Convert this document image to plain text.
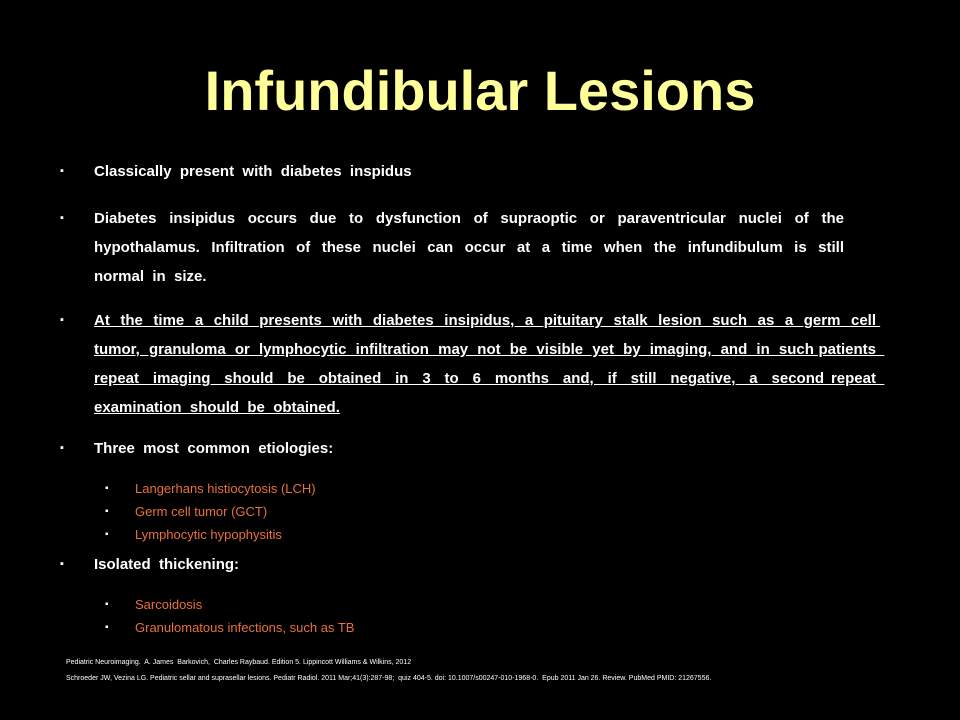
Infundibular Lesions
▪ Classically  present  with  diabetes  inspidus
▪ Diabetes  insipidus  occurs  due  to  dysfunction  of  supraoptic  or  paraventricular  nuclei  of  the hypothalamus.  Infiltration  of  these  nuclei  can  occur  at  a  time  when  the  infundibulum  is  still normal  in  size.
▪ At  the  time  a  child  presents  with  diabetes  insipidus,  a  pituitary  stalk  lesion  such  as  a  germ  cell tumor,  granuloma  or  lymphocytic  infiltration  may  not  be  visible  yet  by  imaging,  and  in  such patients  repeat  imaging  should  be  obtained  in  3  to  6  months  and,  if  still  negative,  a  second repeat  examination  should  be  obtained.
▪ Three  most  common  etiologies:
▪ Langerhans histiocytosis (LCH)
▪ Germ cell tumor (GCT)
▪ Lymphocytic hypophysitis
▪ Isolated  thickening:
▪ Sarcoidosis
▪ Granulomatous infections, such as TB
Pediatric Neuroimaging.  A. James  Barkovich,  Charles Raybaud. Edition 5. Lippincott Williams & Wilkins, 2012
Schroeder JW, Vezina LG. Pediatric sellar and suprasellar lesions. Pediatr Radiol. 2011 Mar;41(3):287-98;  quiz 404-5. doi: 10.1007/s00247-010-1968-0.  Epub 2011 Jan 26. Review. PubMed PMID: 21267556.
